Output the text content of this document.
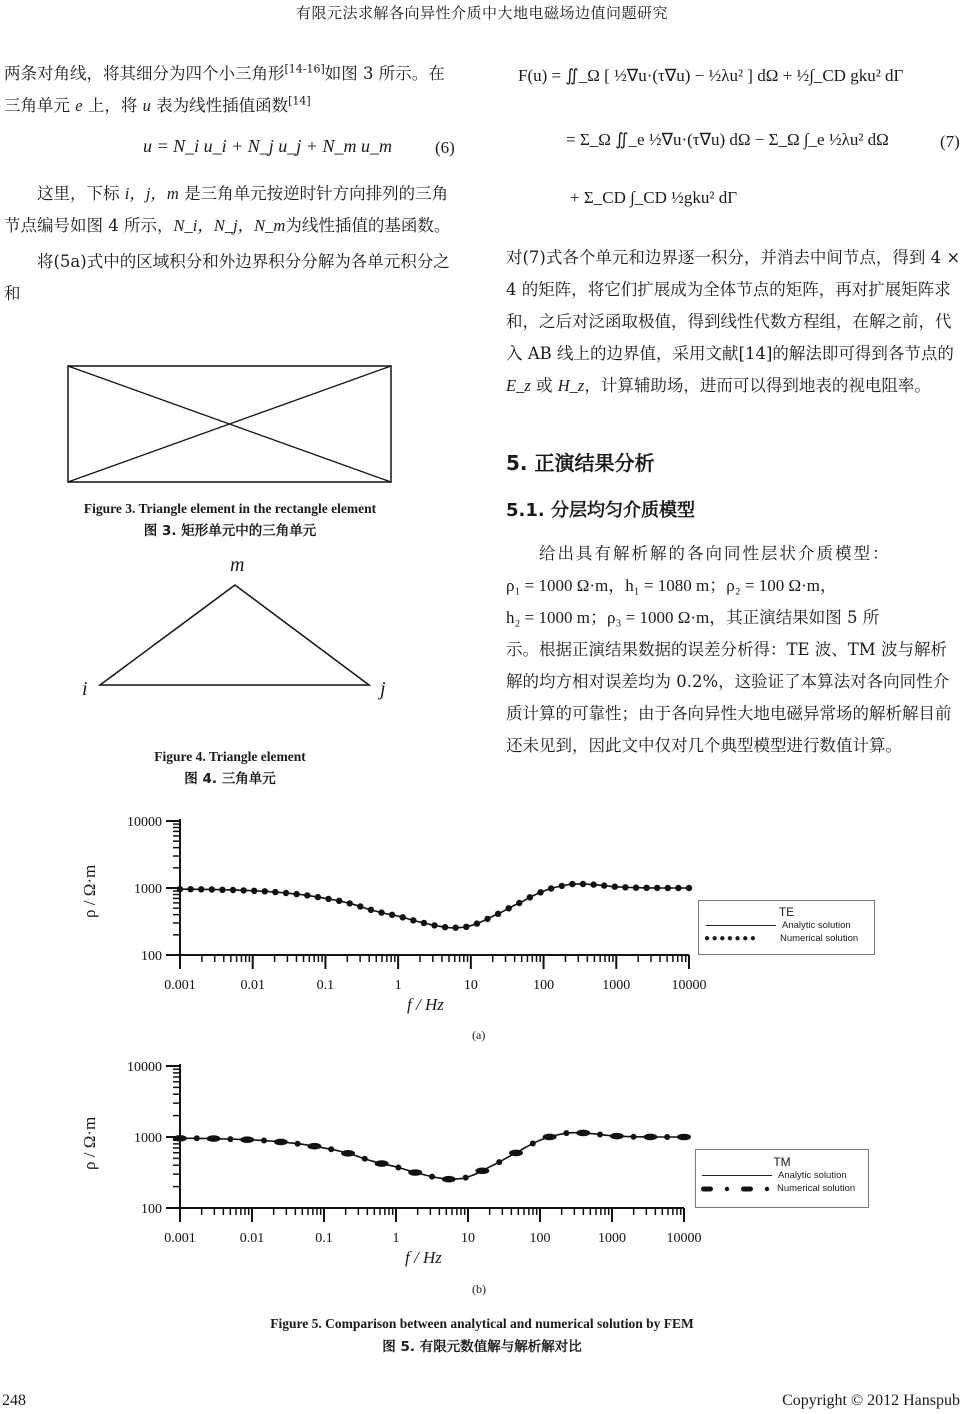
有限元法求解各向异性介质中大地电磁场边值问题研究

两条对角线，将其细分为四个小三角形[14-16]如图 3 所示。在三角单元 e 上，将 u 表为线性插值函数[14]

u = N_i u_i + N_j u_j + N_m u_m	(6)

这里，下标 i，j，m 是三角单元按逆时针方向排列的三角节点编号如图 4 所示，N_i，N_j，N_m为线性插值的基函数。

将(5a)式中的区域积分和外边界积分分解为各单元积分之和

Figure 3. Triangle element in the rectangle element
图 3. 矩形单元中的三角单元
m
i	j
Figure 4. Triangle element
图 4. 三角单元
F(u) = ∬_Ω [ ½∇u·(τ∇u) − ½λu² ] dΩ + ½∫_CD gku² dΓ
= Σ_Ω ∬_e ½∇u·(τ∇u) dΩ − Σ_Ω ∫_e ½λu² dΩ	(7)
+ Σ_CD ∫_CD ½gku² dΓ

对(7)式各个单元和边界逐一积分，并消去中间节点，得到 4 × 4 的矩阵，将它们扩展成为全体节点的矩阵，再对扩展矩阵求和，之后对泛函取极值，得到线性代数方程组，在解之前，代入 AB 线上的边界值，采用文献[14]的解法即可得到各节点的 E_z 或 H_z，计算辅助场，进而可以得到地表的视电阻率。

5. 正演结果分析
5.1. 分层均匀介质模型

给出具有解析解的各向同性层状介质模型：

ρ₁ = 1000 Ω·m，h₁ = 1080 m；ρ₂ = 100 Ω·m，

h₂ = 1000 m；ρ₃ = 1000 Ω·m，其正演结果如图 5 所

示。根据正演结果数据的误差分析得：TE 波、TM 波与解析解的均方相对误差均为 0.2%，这验证了本算法对各向同性介质计算的可靠性；由于各向异性大地电磁异常场的解析解目前还未见到，因此文中仅对几个典型模型进行数值计算。

100
1000
10000
0.001	0.01	0.1	1	10	100	1000	10000
TE
Analytic solution
●●●●●●●	Numerical solution
f / Hz
ρ / Ω·m
(a)
100
1000
10000
0.001	0.01	0.1	1	10	100	1000	10000
TM
Analytic solution
Numerical solution
f / Hz
ρ / Ω·m
(b)
Figure 5. Comparison between analytical and numerical solution by FEM
图 5. 有限元数值解与解析解对比
248	Copyright © 2012 Hanspub
